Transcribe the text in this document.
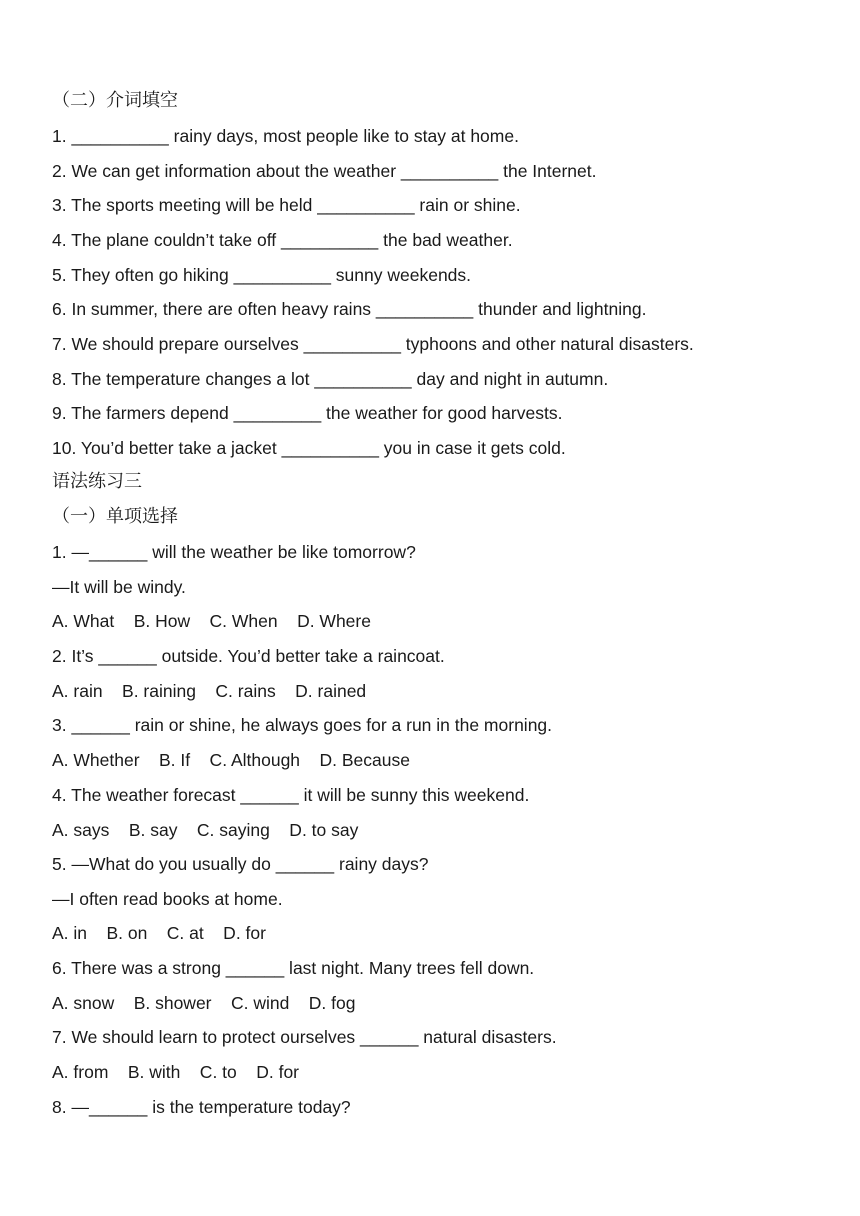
（二）介词填空
1. __________ rainy days, most people like to stay at home.
2. We can get information about the weather __________ the Internet.
3. The sports meeting will be held __________ rain or shine.
4. The plane couldn’t take off __________ the bad weather.
5. They often go hiking __________ sunny weekends.
6. In summer, there are often heavy rains __________ thunder and lightning.
7. We should prepare ourselves __________ typhoons and other natural disasters.
8. The temperature changes a lot __________ day and night in autumn.
9. The farmers depend _________ the weather for good harvests.
10. You’d better take a jacket __________ you in case it gets cold.
语法练习三
（一）单项选择
1. —______ will the weather be like tomorrow?
—It will be windy.
A. What    B. How    C. When    D. Where
2. It’s ______ outside. You’d better take a raincoat.
A. rain    B. raining    C. rains    D. rained
3. ______ rain or shine, he always goes for a run in the morning.
A. Whether    B. If    C. Although    D. Because
4. The weather forecast ______ it will be sunny this weekend.
A. says    B. say    C. saying    D. to say
5. —What do you usually do ______ rainy days?
—I often read books at home.
A. in    B. on    C. at    D. for
6. There was a strong ______ last night. Many trees fell down.
A. snow    B. shower    C. wind    D. fog
7. We should learn to protect ourselves ______ natural disasters.
A. from    B. with    C. to    D. for
8. —______ is the temperature today?
